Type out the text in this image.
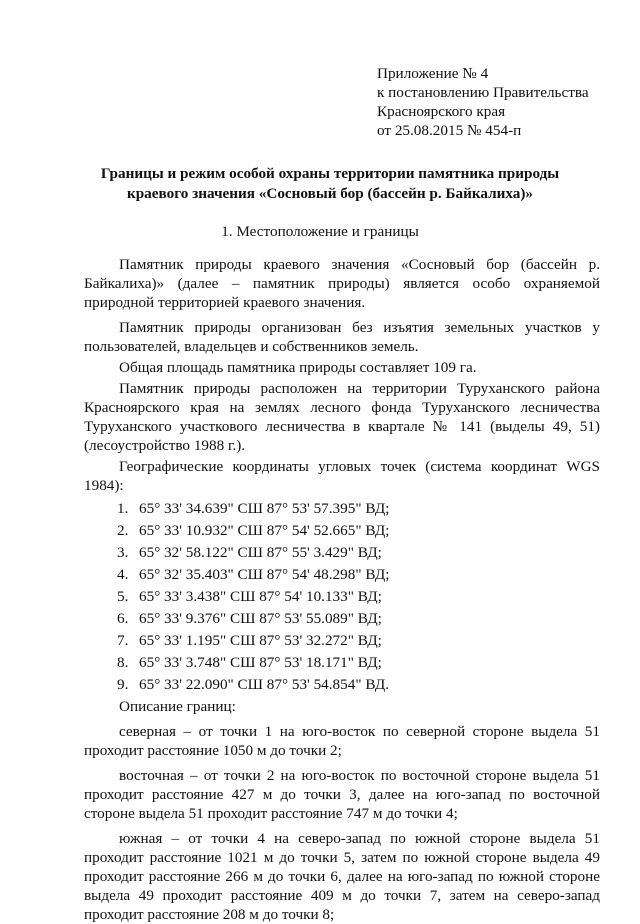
Приложение № 4
к постановлению Правительства
Красноярского края
от 25.08.2015 № 454-п
Границы и режим особой охраны территории памятника природы
краевого значения «Сосновый бор (бассейн р. Байкалиха)»
1. Местоположение и границы

Памятник природы краевого значения «Сосновый бор (бассейн р. Байкалиха)» (далее – памятник природы) является особо охраняемой природной территорией краевого значения.

Памятник природы организован без изъятия земельных участков у пользователей, владельцев и собственников земель.

Общая площадь памятника природы составляет 109 га.

Памятник природы расположен на территории Туруханского района Красноярского края на землях лесного фонда Туруханского лесничества Туруханского участкового лесничества в квартале № 141 (выделы 49, 51) (лесоустройство 1988 г.).

Географические координаты угловых точек (система координат WGS 1984):

1. 65° 33' 34.639" СШ 87° 53' 57.395" ВД;
2. 65° 33' 10.932" СШ 87° 54' 52.665" ВД;
3. 65° 32' 58.122" СШ 87° 55' 3.429" ВД;
4. 65° 32' 35.403" СШ 87° 54' 48.298" ВД;
5. 65° 33' 3.438" СШ 87° 54' 10.133" ВД;
6. 65° 33' 9.376" СШ 87° 53' 55.089" ВД;
7. 65° 33' 1.195" СШ 87° 53' 32.272" ВД;
8. 65° 33' 3.748" СШ 87° 53' 18.171" ВД;
9. 65° 33' 22.090" СШ 87° 53' 54.854" ВД.

Описание границ:

северная – от точки 1 на юго-восток по северной стороне выдела 51 проходит расстояние 1050 м до точки 2;

восточная – от точки 2 на юго-восток по восточной стороне выдела 51 проходит расстояние 427 м до точки 3, далее на юго-запад по восточной стороне выдела 51 проходит расстояние 747 м до точки 4;

южная – от точки 4 на северо-запад по южной стороне выдела 51 проходит расстояние 1021 м до точки 5, затем по южной стороне выдела 49 проходит расстояние 266 м до точки 6, далее на юго-запад по южной стороне выдела 49 проходит расстояние 409 м до точки 7, затем на северо-запад проходит расстояние 208 м до точки 8;
